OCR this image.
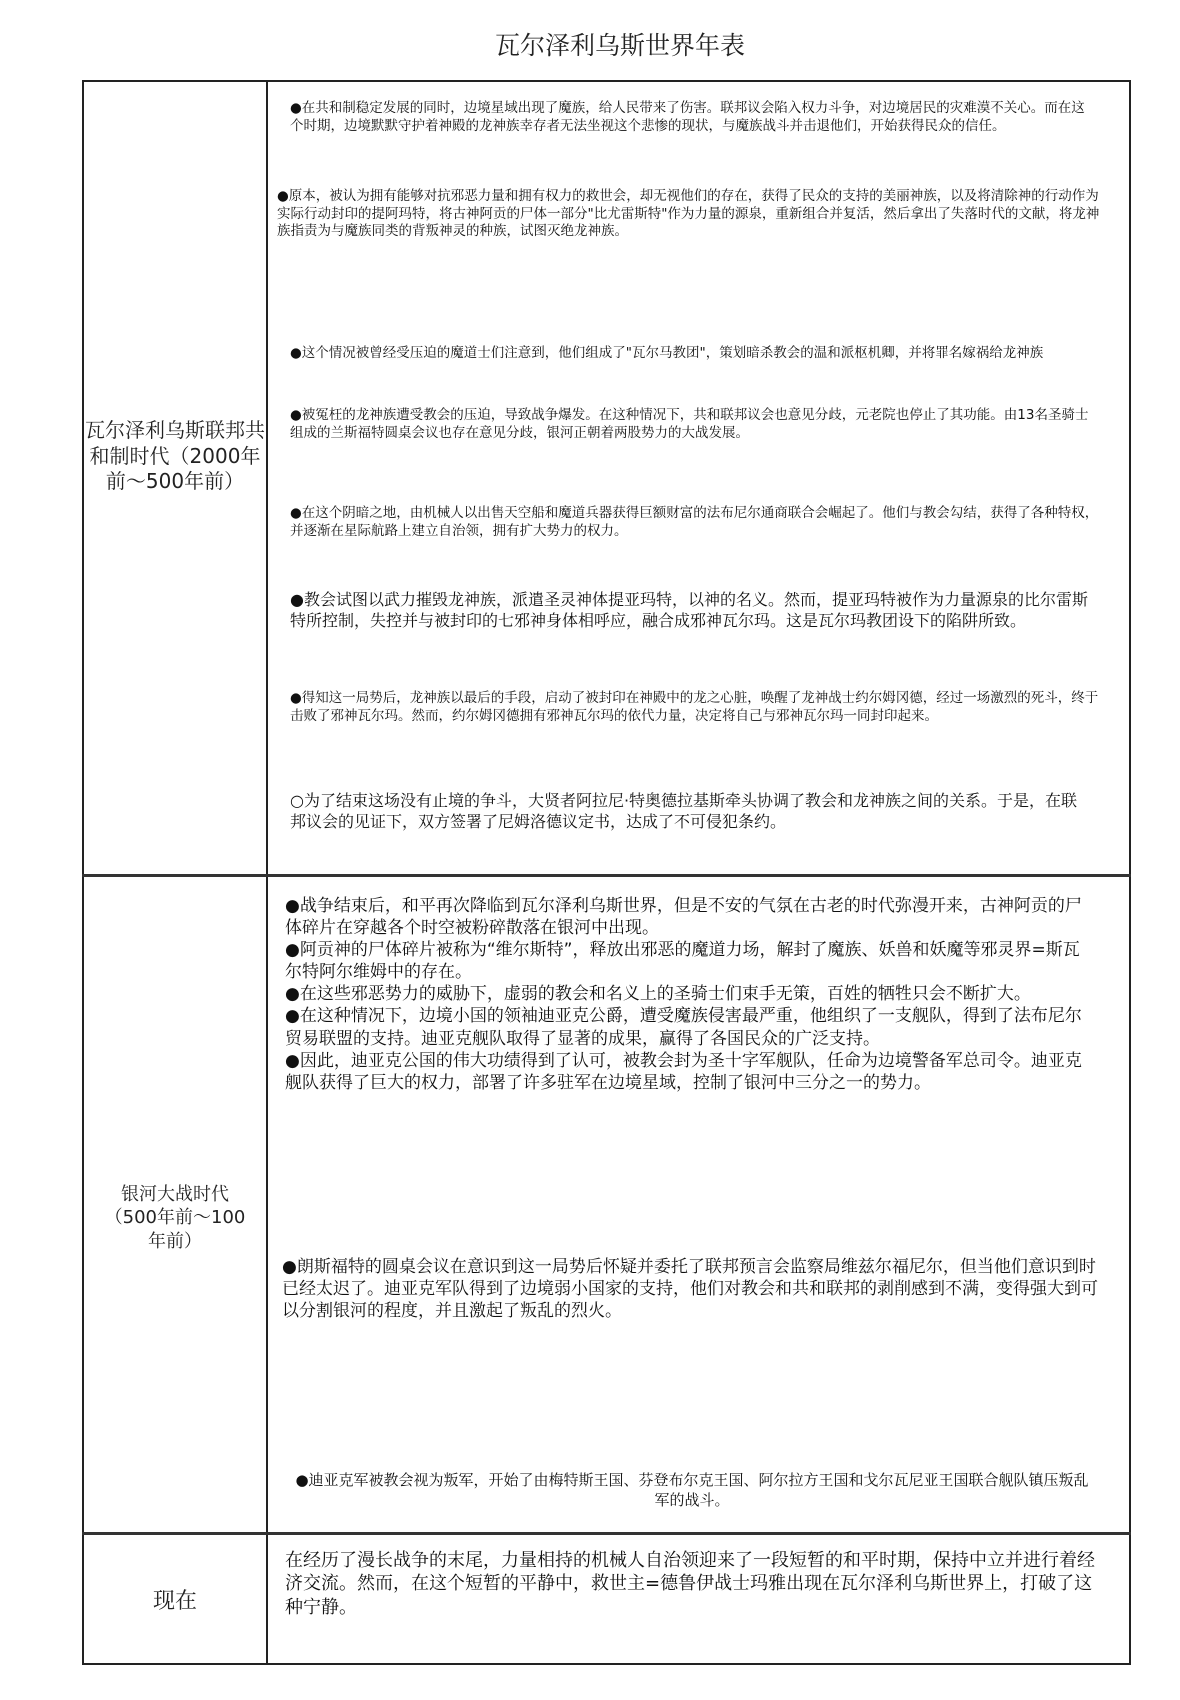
瓦尔泽利乌斯世界年表
瓦尔泽利乌斯联邦共和制时代（2000年前〜500年前）

●在共和制稳定发展的同时，边境星域出现了魔族，给人民带来了伤害。联邦议会陷入权力斗争，对边境居民的灾难漠不关心。而在这个时期，边境默默守护着神殿的龙神族幸存者无法坐视这个悲惨的现状，与魔族战斗并击退他们，开始获得民众的信任。

●原本，被认为拥有能够对抗邪恶力量和拥有权力的救世会，却无视他们的存在，获得了民众的支持的美丽神族，以及将清除神的行动作为实际行动封印的提阿玛特，将古神阿贡的尸体一部分"比尤雷斯特"作为力量的源泉，重新组合并复活，然后拿出了失落时代的文献，将龙神族指责为与魔族同类的背叛神灵的种族，试图灭绝龙神族。

●这个情况被曾经受压迫的魔道士们注意到，他们组成了"瓦尔马教团"，策划暗杀教会的温和派枢机卿，并将罪名嫁祸给龙神族

●被冤枉的龙神族遭受教会的压迫，导致战争爆发。在这种情况下，共和联邦议会也意见分歧，元老院也停止了其功能。由13名圣骑士组成的兰斯福特圆桌会议也存在意见分歧，银河正朝着两股势力的大战发展。

●在这个阴暗之地，由机械人以出售天空船和魔道兵器获得巨额财富的法布尼尔通商联合会崛起了。他们与教会勾结，获得了各种特权，并逐渐在星际航路上建立自治领，拥有扩大势力的权力。

●教会试图以武力摧毁龙神族，派遣圣灵神体提亚玛特，以神的名义。然而，提亚玛特被作为力量源泉的比尔雷斯特所控制，失控并与被封印的七邪神身体相呼应，融合成邪神瓦尔玛。这是瓦尔玛教团设下的陷阱所致。

●得知这一局势后，龙神族以最后的手段，启动了被封印在神殿中的龙之心脏，唤醒了龙神战士约尔姆冈德，经过一场激烈的死斗，终于击败了邪神瓦尔玛。然而，约尔姆冈德拥有邪神瓦尔玛的依代力量，决定将自己与邪神瓦尔玛一同封印起来。

○为了结束这场没有止境的争斗，大贤者阿拉尼·特奥德拉基斯牵头协调了教会和龙神族之间的关系。于是，在联邦议会的见证下，双方签署了尼姆洛德议定书，达成了不可侵犯条约。

银河大战时代（500年前〜100年前）

●战争结束后，和平再次降临到瓦尔泽利乌斯世界，但是不安的气氛在古老的时代弥漫开来，古神阿贡的尸体碎片在穿越各个时空被粉碎散落在银河中出现。

●阿贡神的尸体碎片被称为“维尔斯特”，释放出邪恶的魔道力场，解封了魔族、妖兽和妖魔等邪灵界=斯瓦尔特阿尔维姆中的存在。

●在这些邪恶势力的威胁下，虚弱的教会和名义上的圣骑士们束手无策，百姓的牺牲只会不断扩大。

●在这种情况下，边境小国的领袖迪亚克公爵，遭受魔族侵害最严重，他组织了一支舰队，得到了法布尼尔贸易联盟的支持。迪亚克舰队取得了显著的成果，赢得了各国民众的广泛支持。

●因此，迪亚克公国的伟大功绩得到了认可，被教会封为圣十字军舰队，任命为边境警备军总司令。迪亚克舰队获得了巨大的权力，部署了许多驻军在边境星域，控制了银河中三分之一的势力。

●朗斯福特的圆桌会议在意识到这一局势后怀疑并委托了联邦预言会监察局维兹尔福尼尔，但当他们意识到时已经太迟了。迪亚克军队得到了边境弱小国家的支持，他们对教会和共和联邦的剥削感到不满，变得强大到可以分割银河的程度，并且激起了叛乱的烈火。

●迪亚克军被教会视为叛军，开始了由梅特斯王国、芬登布尔克王国、阿尔拉方王国和戈尔瓦尼亚王国联合舰队镇压叛乱军的战斗。

现在

在经历了漫长战争的末尾，力量相持的机械人自治领迎来了一段短暂的和平时期，保持中立并进行着经济交流。然而，在这个短暂的平静中，救世主=德鲁伊战士玛雅出现在瓦尔泽利乌斯世界上，打破了这种宁静。
